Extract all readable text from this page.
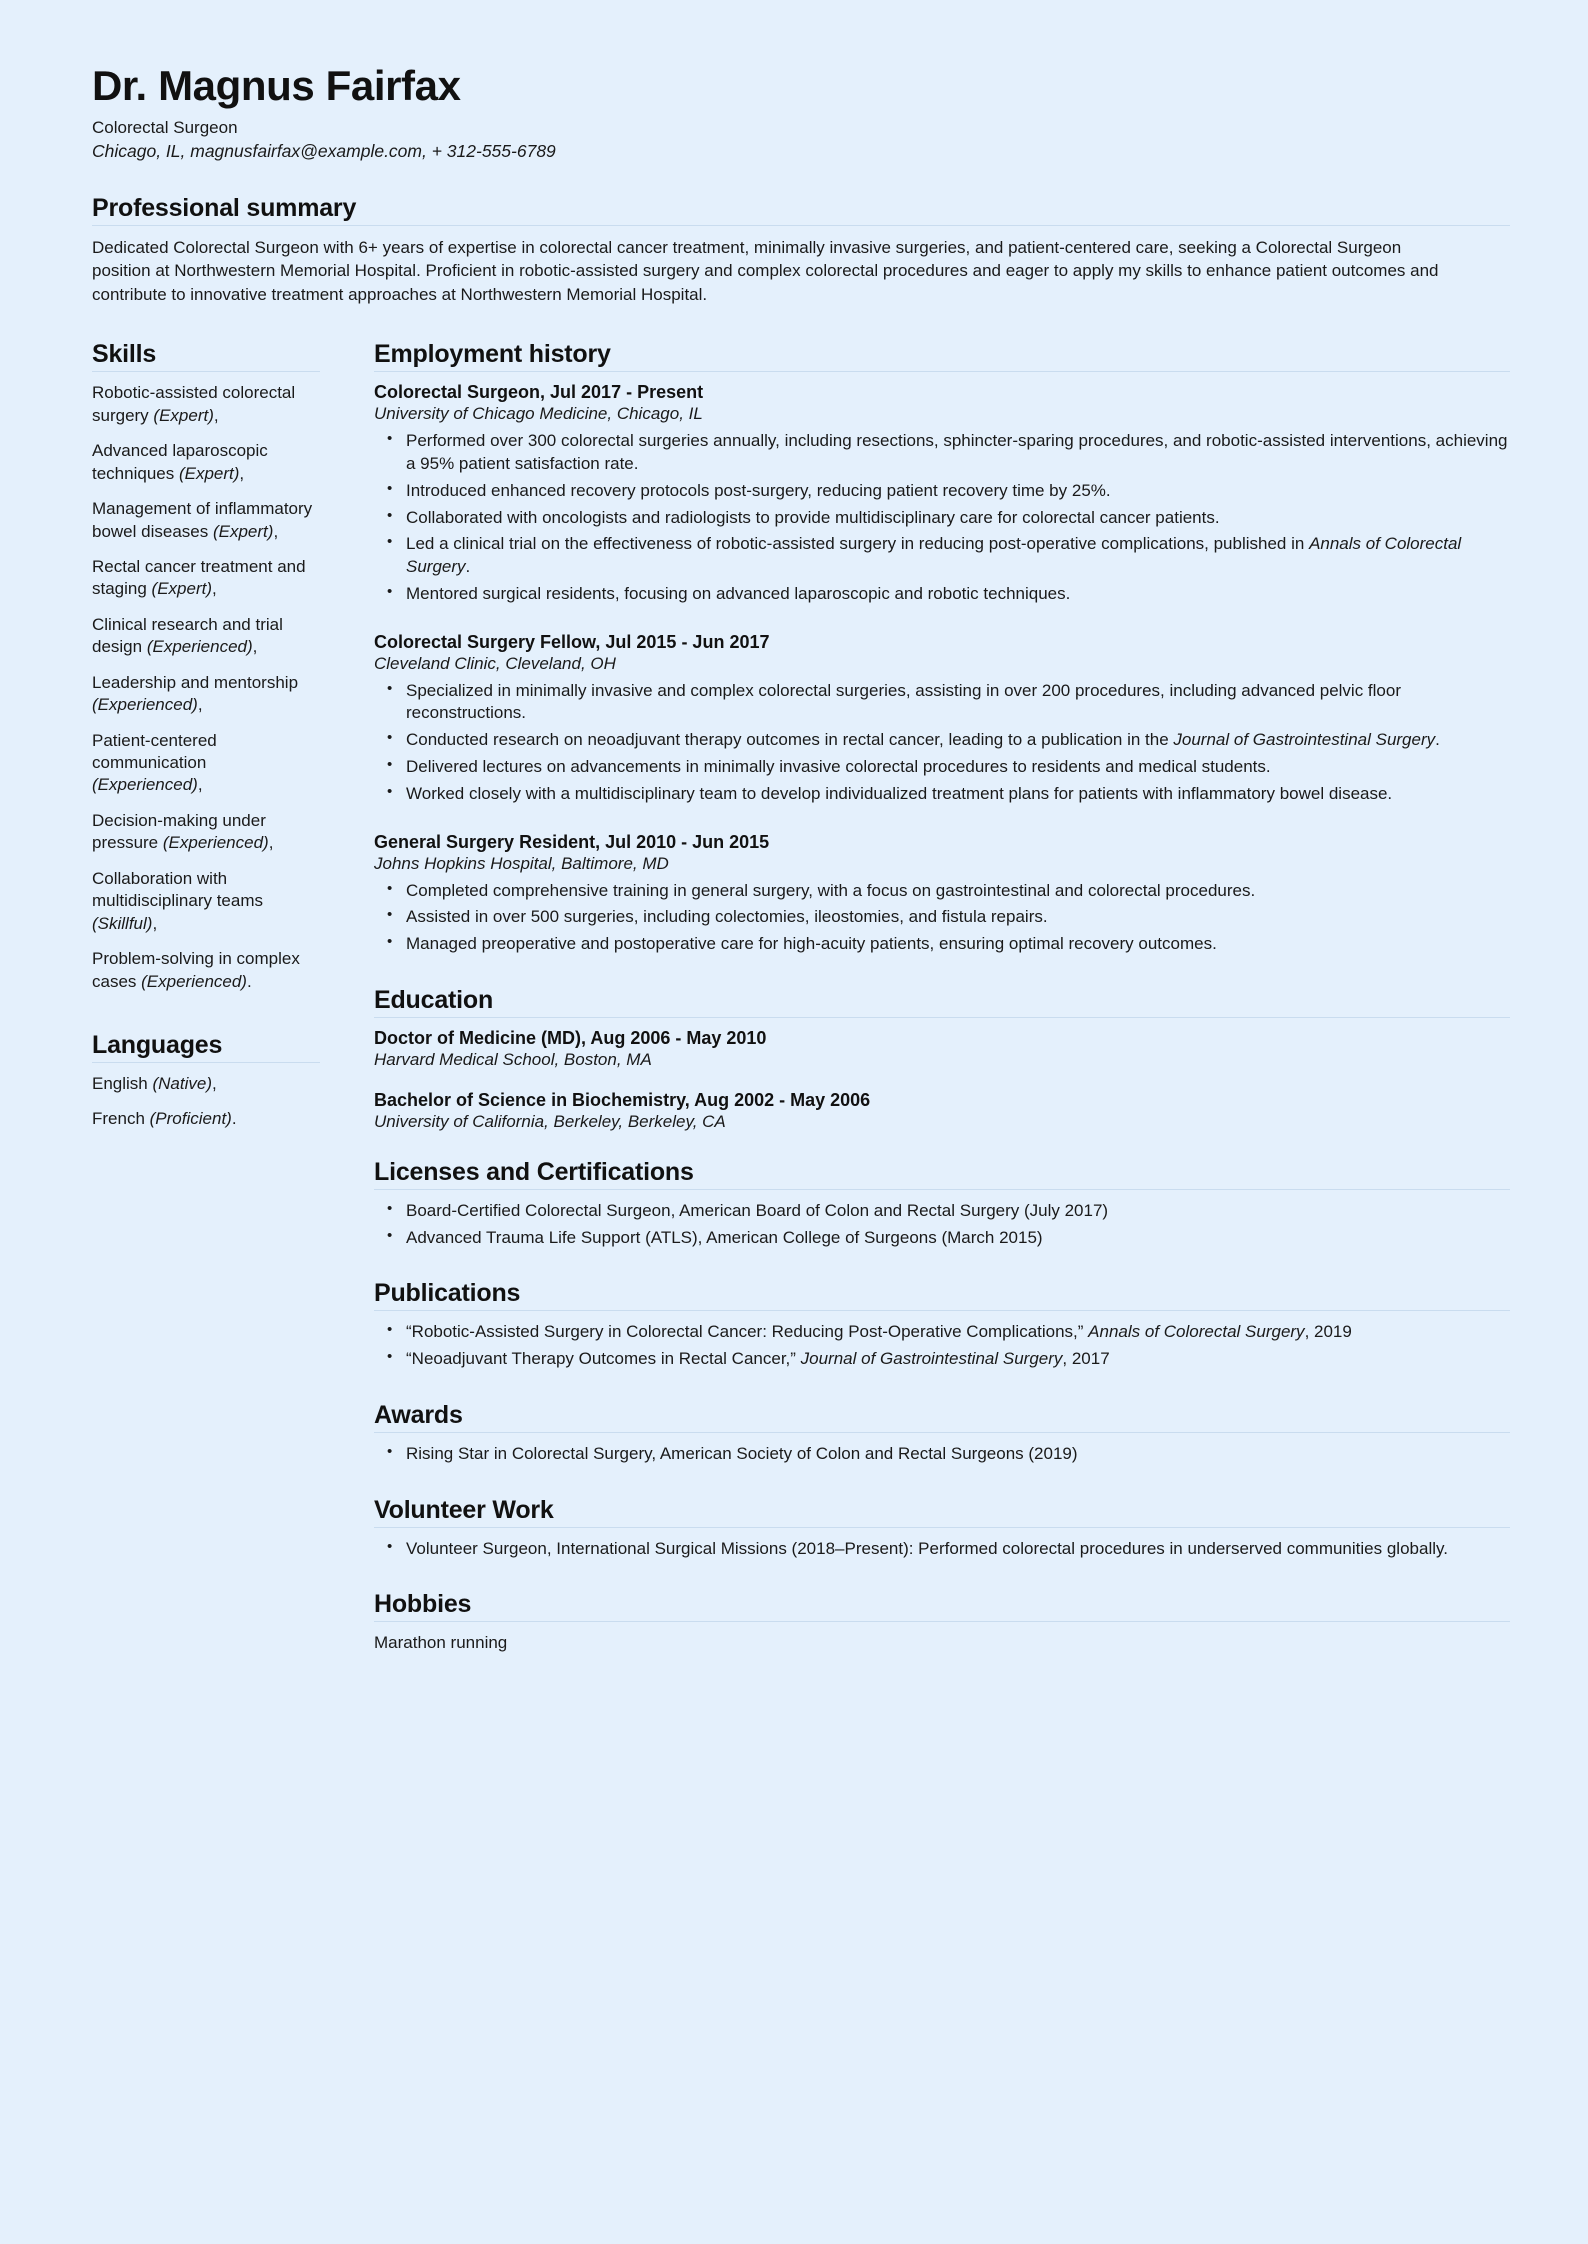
Dr. Magnus Fairfax

Colorectal Surgeon

Chicago, IL, magnusfairfax@example.com, + 312-555-6789

Professional summary

Dedicated Colorectal Surgeon with 6+ years of expertise in colorectal cancer treatment, minimally invasive surgeries, and patient-centered care, seeking a Colorectal Surgeon position at Northwestern Memorial Hospital. Proficient in robotic-assisted surgery and complex colorectal procedures and eager to apply my skills to enhance patient outcomes and contribute to innovative treatment approaches at Northwestern Memorial Hospital.

Skills
Robotic-assisted colorectal surgery (Expert),
Advanced laparoscopic techniques (Expert),
Management of inflammatory bowel diseases (Expert),
Rectal cancer treatment and staging (Expert),
Clinical research and trial design (Experienced),
Leadership and mentorship (Experienced),
Patient-centered communication (Experienced),
Decision-making under pressure (Experienced),
Collaboration with multidisciplinary teams (Skillful),
Problem-solving in complex cases (Experienced).
Languages
English (Native),
French (Proficient).
Employment history
Colorectal Surgeon, Jul 2017 - Present
University of Chicago Medicine, Chicago, IL
• Performed over 300 colorectal surgeries annually, including resections, sphincter-sparing procedures, and robotic-assisted interventions, achieving a 95% patient satisfaction rate.
• Introduced enhanced recovery protocols post-surgery, reducing patient recovery time by 25%.
• Collaborated with oncologists and radiologists to provide multidisciplinary care for colorectal cancer patients.
• Led a clinical trial on the effectiveness of robotic-assisted surgery in reducing post-operative complications, published in Annals of Colorectal Surgery.
• Mentored surgical residents, focusing on advanced laparoscopic and robotic techniques.
Colorectal Surgery Fellow, Jul 2015 - Jun 2017
Cleveland Clinic, Cleveland, OH
• Specialized in minimally invasive and complex colorectal surgeries, assisting in over 200 procedures, including advanced pelvic floor reconstructions.
• Conducted research on neoadjuvant therapy outcomes in rectal cancer, leading to a publication in the Journal of Gastrointestinal Surgery.
• Delivered lectures on advancements in minimally invasive colorectal procedures to residents and medical students.
• Worked closely with a multidisciplinary team to develop individualized treatment plans for patients with inflammatory bowel disease.
General Surgery Resident, Jul 2010 - Jun 2015
Johns Hopkins Hospital, Baltimore, MD
• Completed comprehensive training in general surgery, with a focus on gastrointestinal and colorectal procedures.
• Assisted in over 500 surgeries, including colectomies, ileostomies, and fistula repairs.
• Managed preoperative and postoperative care for high-acuity patients, ensuring optimal recovery outcomes.
Education
Doctor of Medicine (MD), Aug 2006 - May 2010
Harvard Medical School, Boston, MA
Bachelor of Science in Biochemistry, Aug 2002 - May 2006
University of California, Berkeley, Berkeley, CA
Licenses and Certifications
• Board-Certified Colorectal Surgeon, American Board of Colon and Rectal Surgery (July 2017)
• Advanced Trauma Life Support (ATLS), American College of Surgeons (March 2015)
Publications
• “Robotic-Assisted Surgery in Colorectal Cancer: Reducing Post-Operative Complications,” Annals of Colorectal Surgery, 2019
• “Neoadjuvant Therapy Outcomes in Rectal Cancer,” Journal of Gastrointestinal Surgery, 2017
Awards
• Rising Star in Colorectal Surgery, American Society of Colon and Rectal Surgeons (2019)
Volunteer Work
• Volunteer Surgeon, International Surgical Missions (2018–Present): Performed colorectal procedures in underserved communities globally.
Hobbies

Marathon running
